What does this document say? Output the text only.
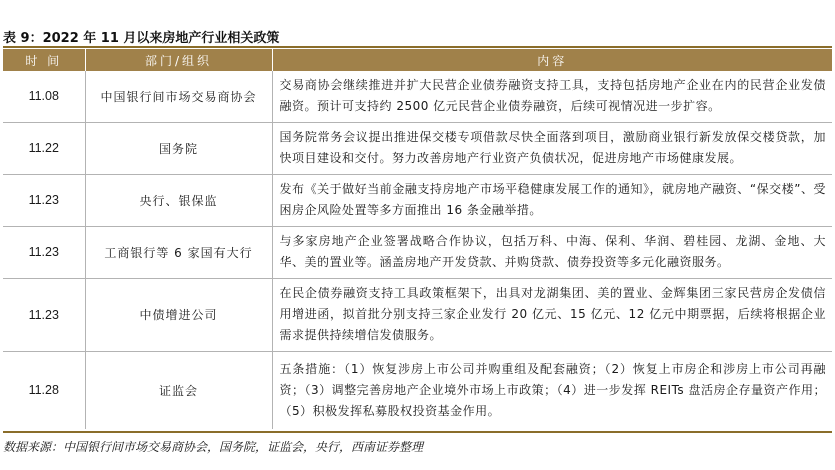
表 9：2022 年 11 月以来房地产行业相关政策
时 间	部门/组织	内容
11.08	中国银行间市场交易商协会	交易商协会继续推进并扩大民营企业债券融资支持工具，支持包括房地产企业在内的民营企业发债融资。预计可支持约 2500 亿元民营企业债券融资，后续可视情况进一步扩容。
11.22	国务院	国务院常务会议提出推进保交楼专项借款尽快全面落到项目，激励商业银行新发放保交楼贷款，加快项目建设和交付。努力改善房地产行业资产负债状况，促进房地产市场健康发展。
11.23	央行、银保监	发布《关于做好当前金融支持房地产市场平稳健康发展工作的通知》，就房地产融资、“保交楼”、受困房企风险处置等多方面推出 16 条金融举措。
11.23	工商银行等 6 家国有大行	与多家房地产企业签署战略合作协议，包括万科、中海、保利、华润、碧桂园、龙湖、金地、大华、美的置业等。涵盖房地产开发贷款、并购贷款、债券投资等多元化融资服务。
11.23	中债增进公司	在民企债券融资支持工具政策框架下，出具对龙湖集团、美的置业、金辉集团三家民营房企发债信用增进函，拟首批分别支持三家企业发行 20 亿元、15 亿元、12 亿元中期票据，后续将根据企业需求提供持续增信发债服务。
11.28	证监会	五条措施：（1）恢复涉房上市公司并购重组及配套融资；（2）恢复上市房企和涉房上市公司再融资；（3）调整完善房地产企业境外市场上市政策；（4）进一步发挥 REITs 盘活房企存量资产作用；（5）积极发挥私募股权投资基金作用。
数据来源：中国银行间市场交易商协会，国务院，证监会，央行，西南证券整理
